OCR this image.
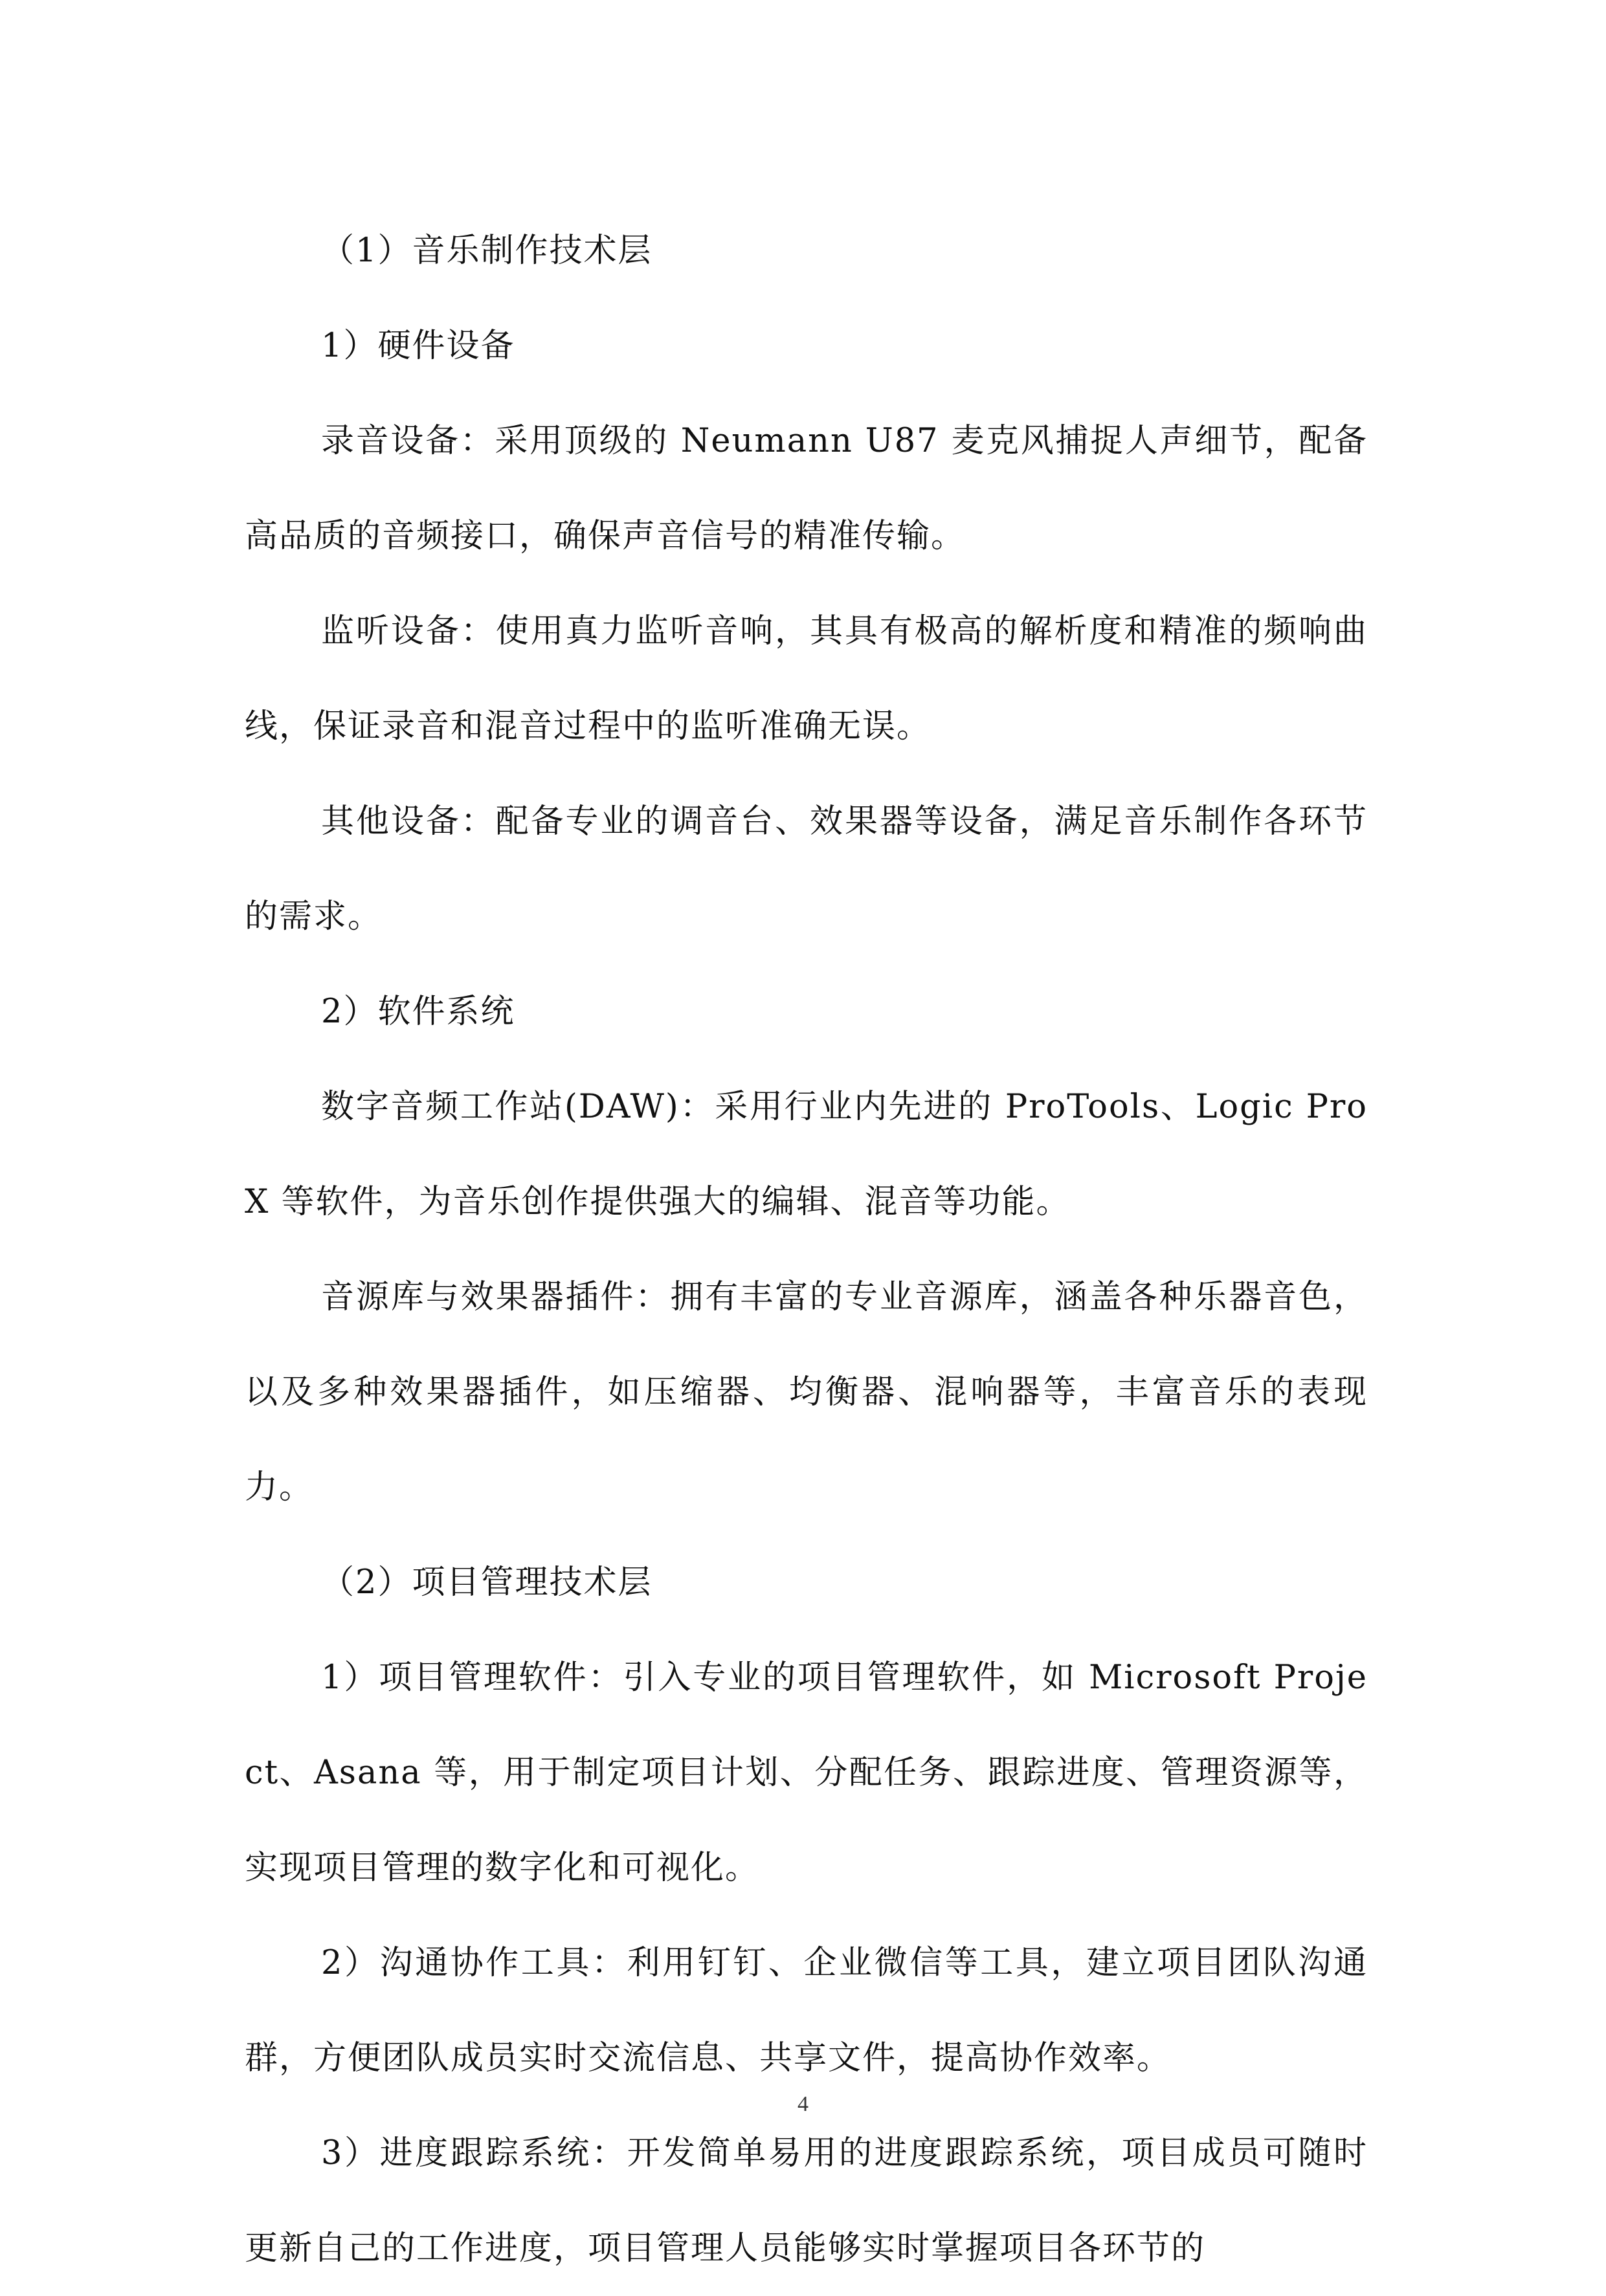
（1）音乐制作技术层

1）硬件设备

录音设备：采用顶级的 Neumann U87 麦克风捕捉人声细节，配备高品质的音频接口，确保声音信号的精准传输。

监听设备：使用真力监听音响，其具有极高的解析度和精准的频响曲线，保证录音和混音过程中的监听准确无误。

其他设备：配备专业的调音台、效果器等设备，满足音乐制作各环节的需求。

2）软件系统

数字音频工作站(DAW)：采用行业内先进的 ProTools、Logic Pro X 等软件，为音乐创作提供强大的编辑、混音等功能。

音源库与效果器插件：拥有丰富的专业音源库，涵盖各种乐器音色，以及多种效果器插件，如压缩器、均衡器、混响器等，丰富音乐的表现力。

（2）项目管理技术层

1）项目管理软件：引入专业的项目管理软件，如 Microsoft Project、Asana 等，用于制定项目计划、分配任务、跟踪进度、管理资源等，实现项目管理的数字化和可视化。

2）沟通协作工具：利用钉钉、企业微信等工具，建立项目团队沟通群，方便团队成员实时交流信息、共享文件，提高协作效率。

3）进度跟踪系统：开发简单易用的进度跟踪系统，项目成员可随时更新自己的工作进度，项目管理人员能够实时掌握项目各环节的

4
